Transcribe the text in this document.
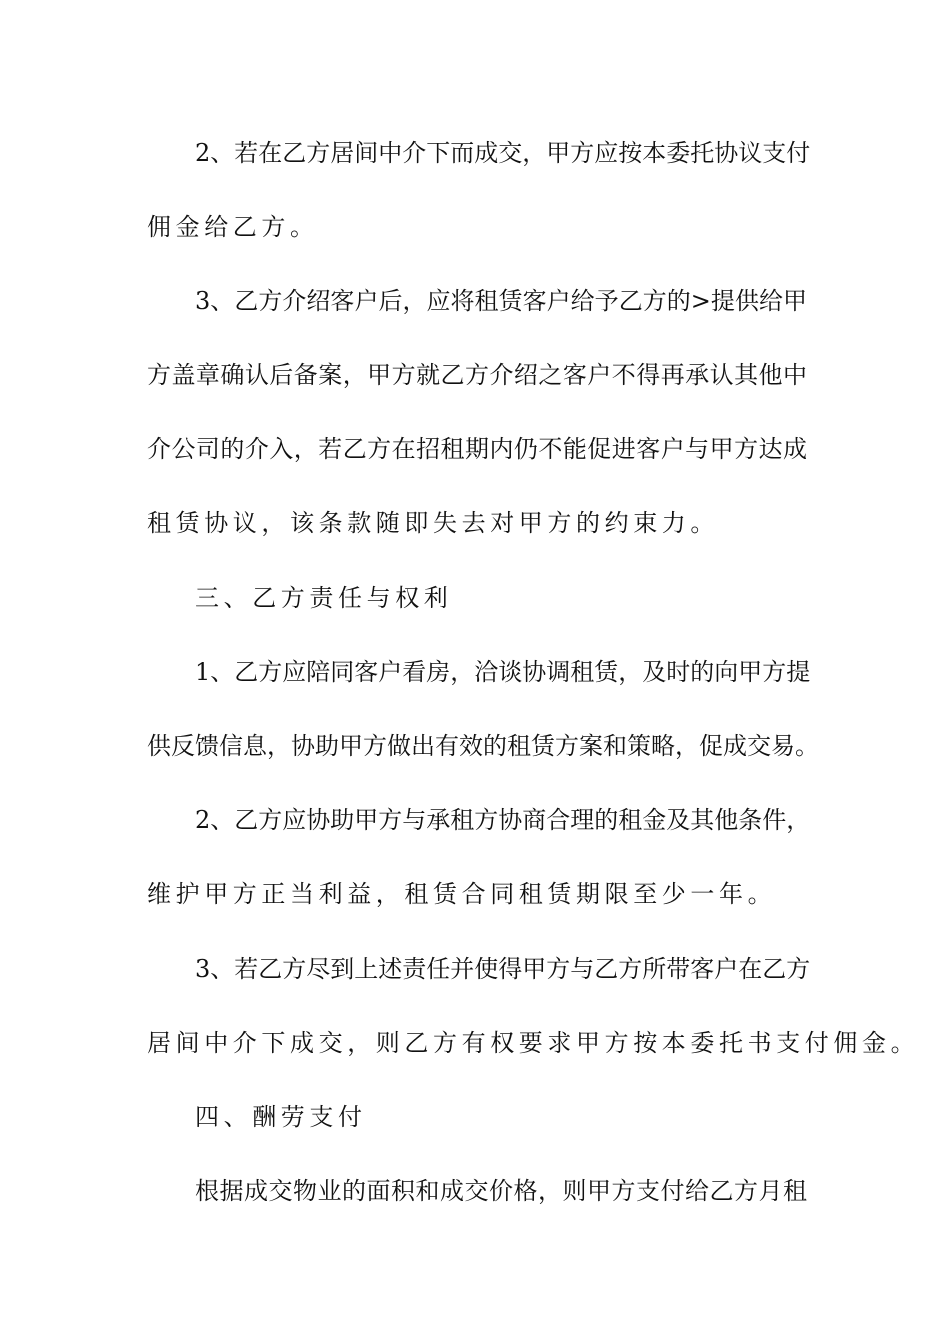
2、若在乙方居间中介下而成交，甲方应按本委托协议支付
佣金给乙方。
3、乙方介绍客户后，应将租赁客户给予乙方的>提供给甲
方盖章确认后备案，甲方就乙方介绍之客户不得再承认其他中
介公司的介入，若乙方在招租期内仍不能促进客户与甲方达成
租赁协议，该条款随即失去对甲方的约束力。
三、乙方责任与权利
1、乙方应陪同客户看房，洽谈协调租赁，及时的向甲方提
供反馈信息，协助甲方做出有效的租赁方案和策略，促成交易。
2、乙方应协助甲方与承租方协商合理的租金及其他条件，
维护甲方正当利益，租赁合同租赁期限至少一年。
3、若乙方尽到上述责任并使得甲方与乙方所带客户在乙方
居间中介下成交，则乙方有权要求甲方按本委托书支付佣金。
四、酬劳支付
根据成交物业的面积和成交价格，则甲方支付给乙方月租
